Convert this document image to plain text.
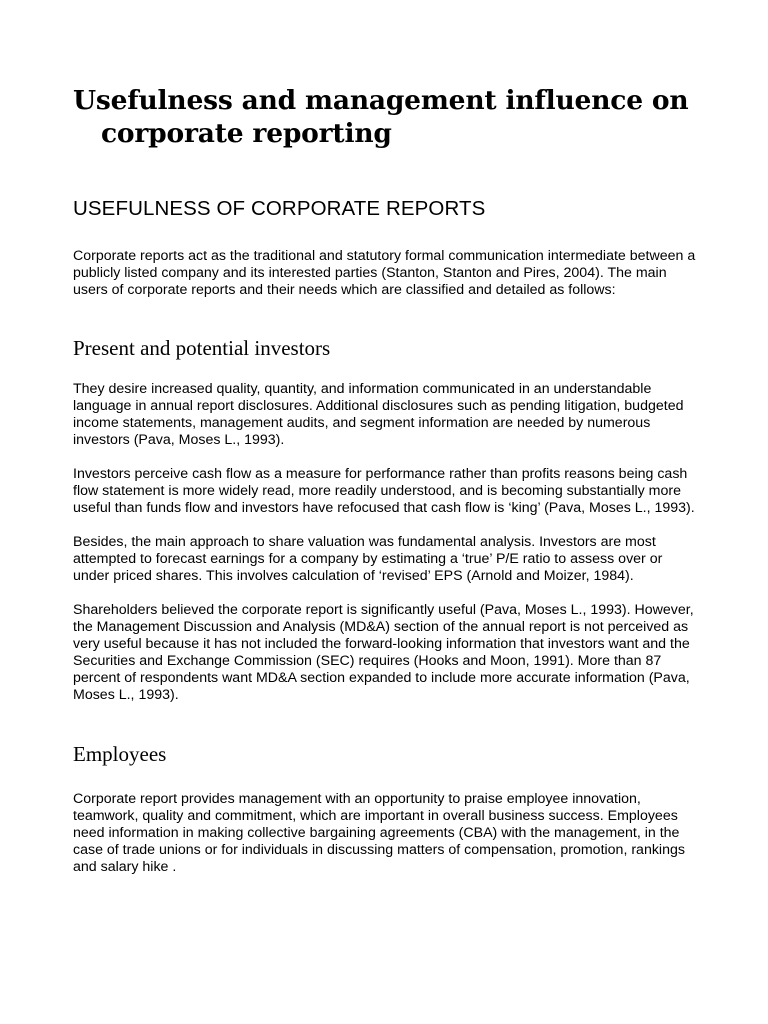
Usefulness and management influence on corporate reporting
USEFULNESS OF CORPORATE REPORTS

Corporate reports act as the traditional and statutory formal communication intermediate between a publicly listed company and its interested parties (Stanton, Stanton and Pires, 2004). The main users of corporate reports and their needs which are classified and detailed as follows:

Present and potential investors

They desire increased quality, quantity, and information communicated in an understandable language in annual report disclosures. Additional disclosures such as pending litigation, budgeted income statements, management audits, and segment information are needed by numerous investors (Pava, Moses L., 1993).

Investors perceive cash flow as a measure for performance rather than profits reasons being cash flow statement is more widely read, more readily understood, and is becoming substantially more useful than funds flow and investors have refocused that cash flow is ‘king’ (Pava, Moses L., 1993).

Besides, the main approach to share valuation was fundamental analysis. Investors are most attempted to forecast earnings for a company by estimating a ‘true’ P/E ratio to assess over or under priced shares. This involves calculation of ‘revised’ EPS (Arnold and Moizer, 1984).

Shareholders believed the corporate report is significantly useful (Pava, Moses L., 1993). However, the Management Discussion and Analysis (MD&A) section of the annual report is not perceived as very useful because it has not included the forward-looking information that investors want and the Securities and Exchange Commission (SEC) requires (Hooks and Moon, 1991). More than 87 percent of respondents want MD&A section expanded to include more accurate information (Pava, Moses L., 1993).

Employees

Corporate report provides management with an opportunity to praise employee innovation, teamwork, quality and commitment, which are important in overall business success. Employees need information in making collective bargaining agreements (CBA) with the management, in the case of trade unions or for individuals in discussing matters of compensation, promotion, rankings and salary hike .
